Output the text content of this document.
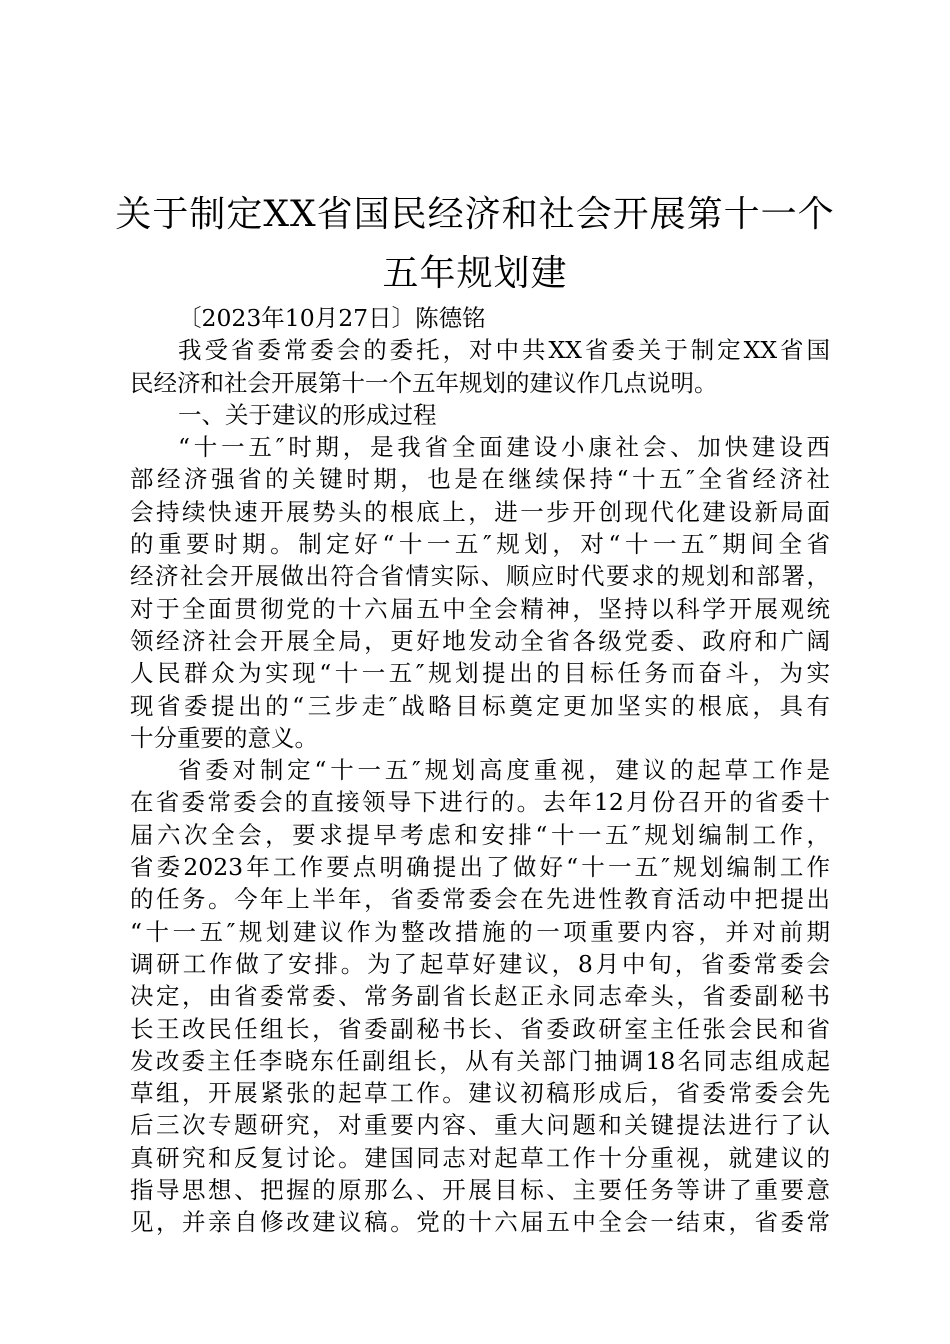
关于制定XX省国民经济和社会开展第十一个
五年规划建
〔2023年10月27日〕陈德铭
我受省委常委会的委托，对中共XX省委关于制定XX省国
民经济和社会开展第十一个五年规划的建议作几点说明。
一、关于建议的形成过程
“十一五″时期，是我省全面建设小康社会、加快建设西
部经济强省的关键时期，也是在继续保持“十五″全省经济社
会持续快速开展势头的根底上，进一步开创现代化建设新局面
的重要时期。制定好“十一五″规划，对“十一五″期间全省
经济社会开展做出符合省情实际、顺应时代要求的规划和部署，
对于全面贯彻党的十六届五中全会精神，坚持以科学开展观统
领经济社会开展全局，更好地发动全省各级党委、政府和广阔
人民群众为实现“十一五″规划提出的目标任务而奋斗，为实
现省委提出的“三步走″战略目标奠定更加坚实的根底，具有
十分重要的意义。
省委对制定“十一五″规划高度重视，建议的起草工作是
在省委常委会的直接领导下进行的。去年12月份召开的省委十
届六次全会，要求提早考虑和安排“十一五″规划编制工作，
省委2023年工作要点明确提出了做好“十一五″规划编制工作
的任务。今年上半年，省委常委会在先进性教育活动中把提出
“十一五″规划建议作为整改措施的一项重要内容，并对前期
调研工作做了安排。为了起草好建议，8月中旬，省委常委会
决定，由省委常委、常务副省长赵正永同志牵头，省委副秘书
长王改民任组长，省委副秘书长、省委政研室主任张会民和省
发改委主任李晓东任副组长，从有关部门抽调18名同志组成起
草组，开展紧张的起草工作。建议初稿形成后，省委常委会先
后三次专题研究，对重要内容、重大问题和关键提法进行了认
真研究和反复讨论。建国同志对起草工作十分重视，就建议的
指导思想、把握的原那么、开展目标、主要任务等讲了重要意
见，并亲自修改建议稿。党的十六届五中全会一结束，省委常
